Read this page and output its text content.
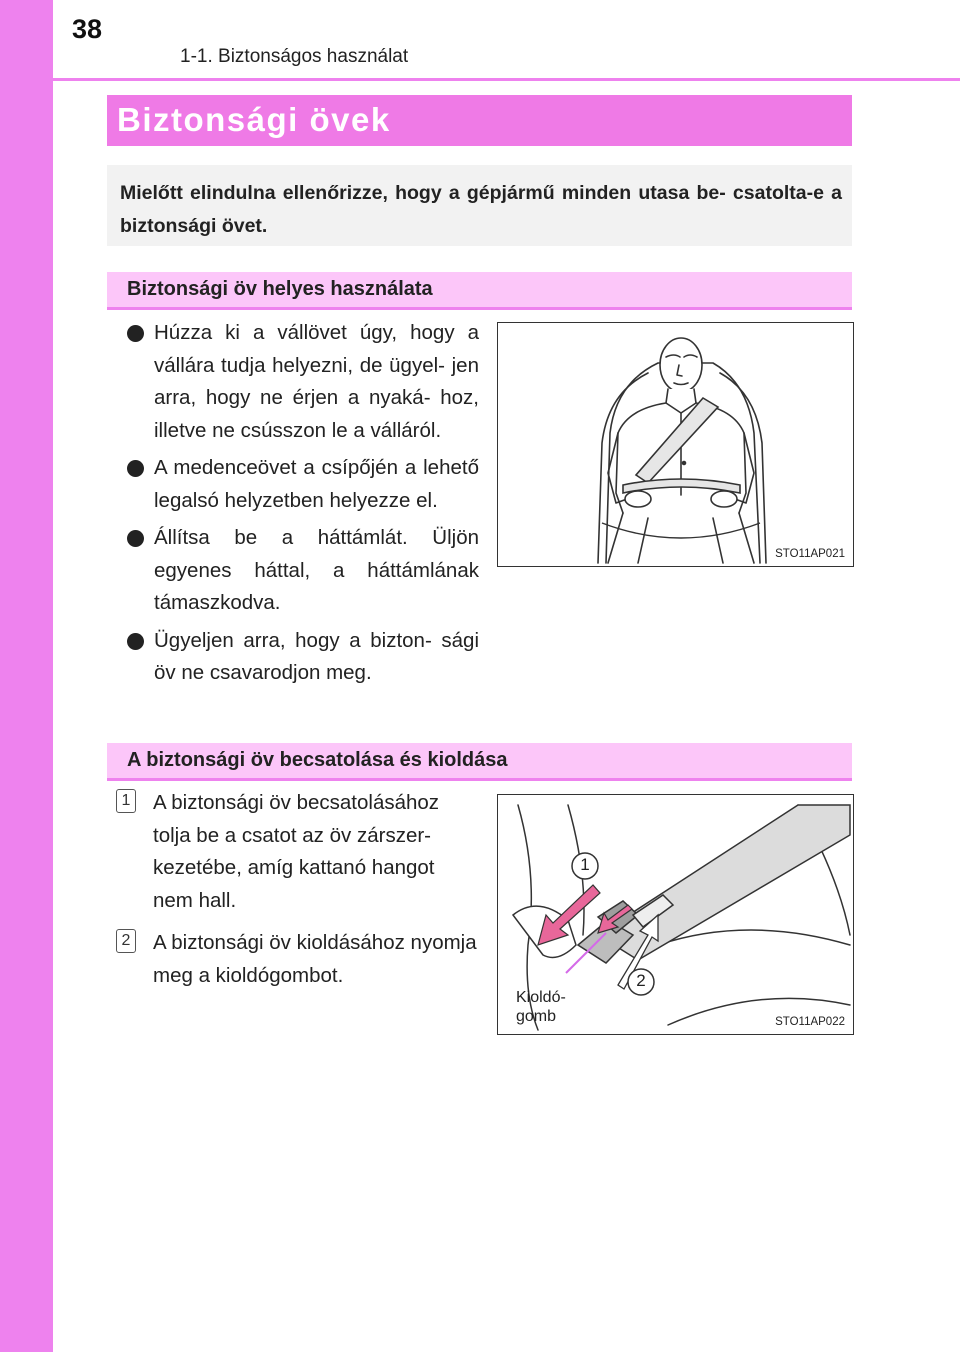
38
1-1. Biztonságos használat
Biztonsági övek

Mielőtt elindulna ellenőrizze, hogy a gépjármű minden utasa be- csatolta-e a biztonsági övet.

Biztonsági öv helyes használata
Húzza ki a vállövet úgy, hogy a vállára tudja helyezni, de ügyel- jen arra, hogy ne érjen a nyaká- hoz, illetve ne csússzon le a válláról.
A medenceövet a csípőjén a lehető legalsó helyzetben helyezze el.
Állítsa be a háttámlát. Üljön egyenes háttal, a háttámlának támaszkodva.
Ügyeljen arra, hogy a bizton- sági öv ne csavarodjon meg.
STO11AP021
A biztonsági öv becsatolása és kioldása
1 A biztonsági öv becsatolásához tolja be a csatot az öv zárszer- kezetébe, amíg kattanó hangot nem hall.
2 A biztonsági öv kioldásához nyomja meg a kioldógombot.
1
2
Kioldó-
gomb	STO11AP022
